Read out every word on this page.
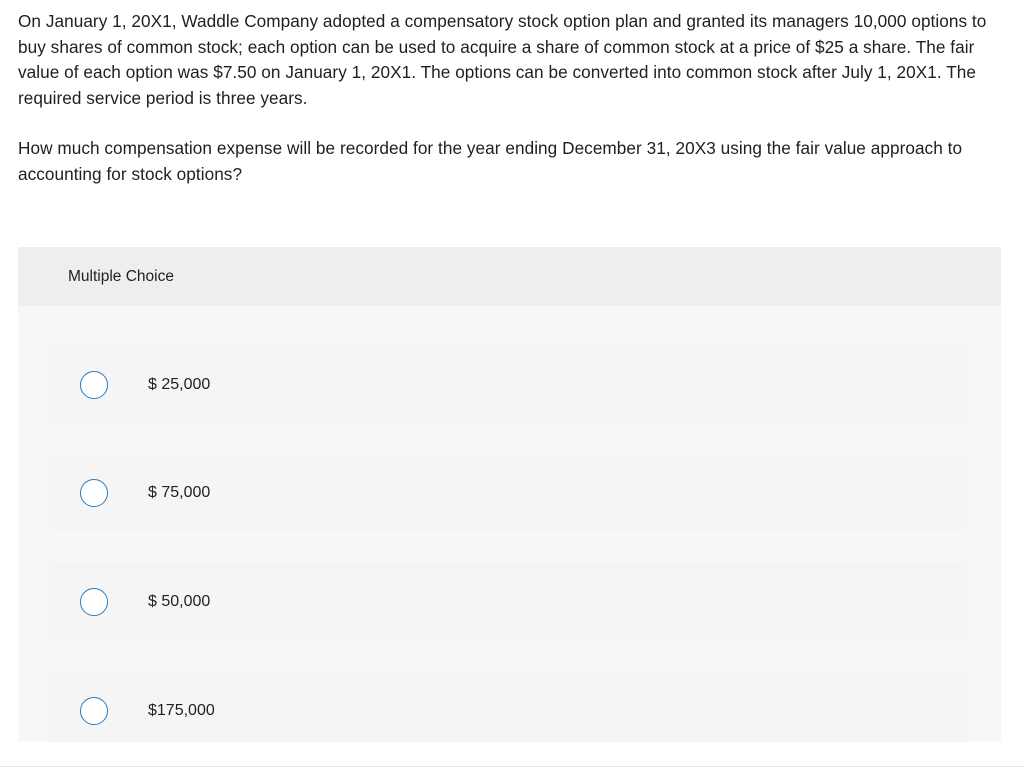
On January 1, 20X1, Waddle Company adopted a compensatory stock option plan and granted its managers 10,000 options to buy shares of common stock; each option can be used to acquire a share of common stock at a price of $25 a share. The fair value of each option was $7.50 on January 1, 20X1. The options can be converted into common stock after July 1, 20X1. The required service period is three years.

How much compensation expense will be recorded for the year ending December 31, 20X3 using the fair value approach to accounting for stock options?

Multiple Choice
$ 25,000
$ 75,000
$ 50,000
$175,000
